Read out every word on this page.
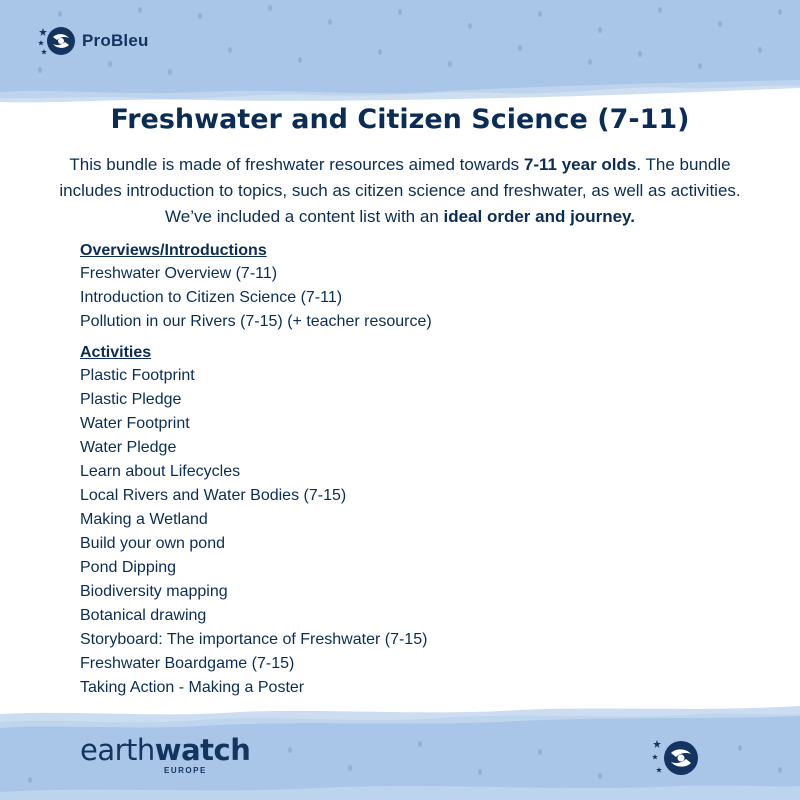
ProBleu
Freshwater and Citizen Science (7-11)

This bundle is made of freshwater resources aimed towards 7-11 year olds. The bundle includes introduction to topics, such as citizen science and freshwater, as well as activities. We’ve included a content list with an ideal order and journey.

Overviews/Introductions
Freshwater Overview (7-11)
Introduction to Citizen Science (7-11)
Pollution in our Rivers (7-15) (+ teacher resource)
Activities
Plastic Footprint
Plastic Pledge
Water Footprint
Water Pledge
Learn about Lifecycles
Local Rivers and Water Bodies (7-15)
Making a Wetland
Build your own pond
Pond Dipping
Biodiversity mapping
Botanical drawing
Storyboard: The importance of Freshwater (7-15)
Freshwater Boardgame (7-15)
Taking Action - Making a Poster
earthwatch
EUROPE
